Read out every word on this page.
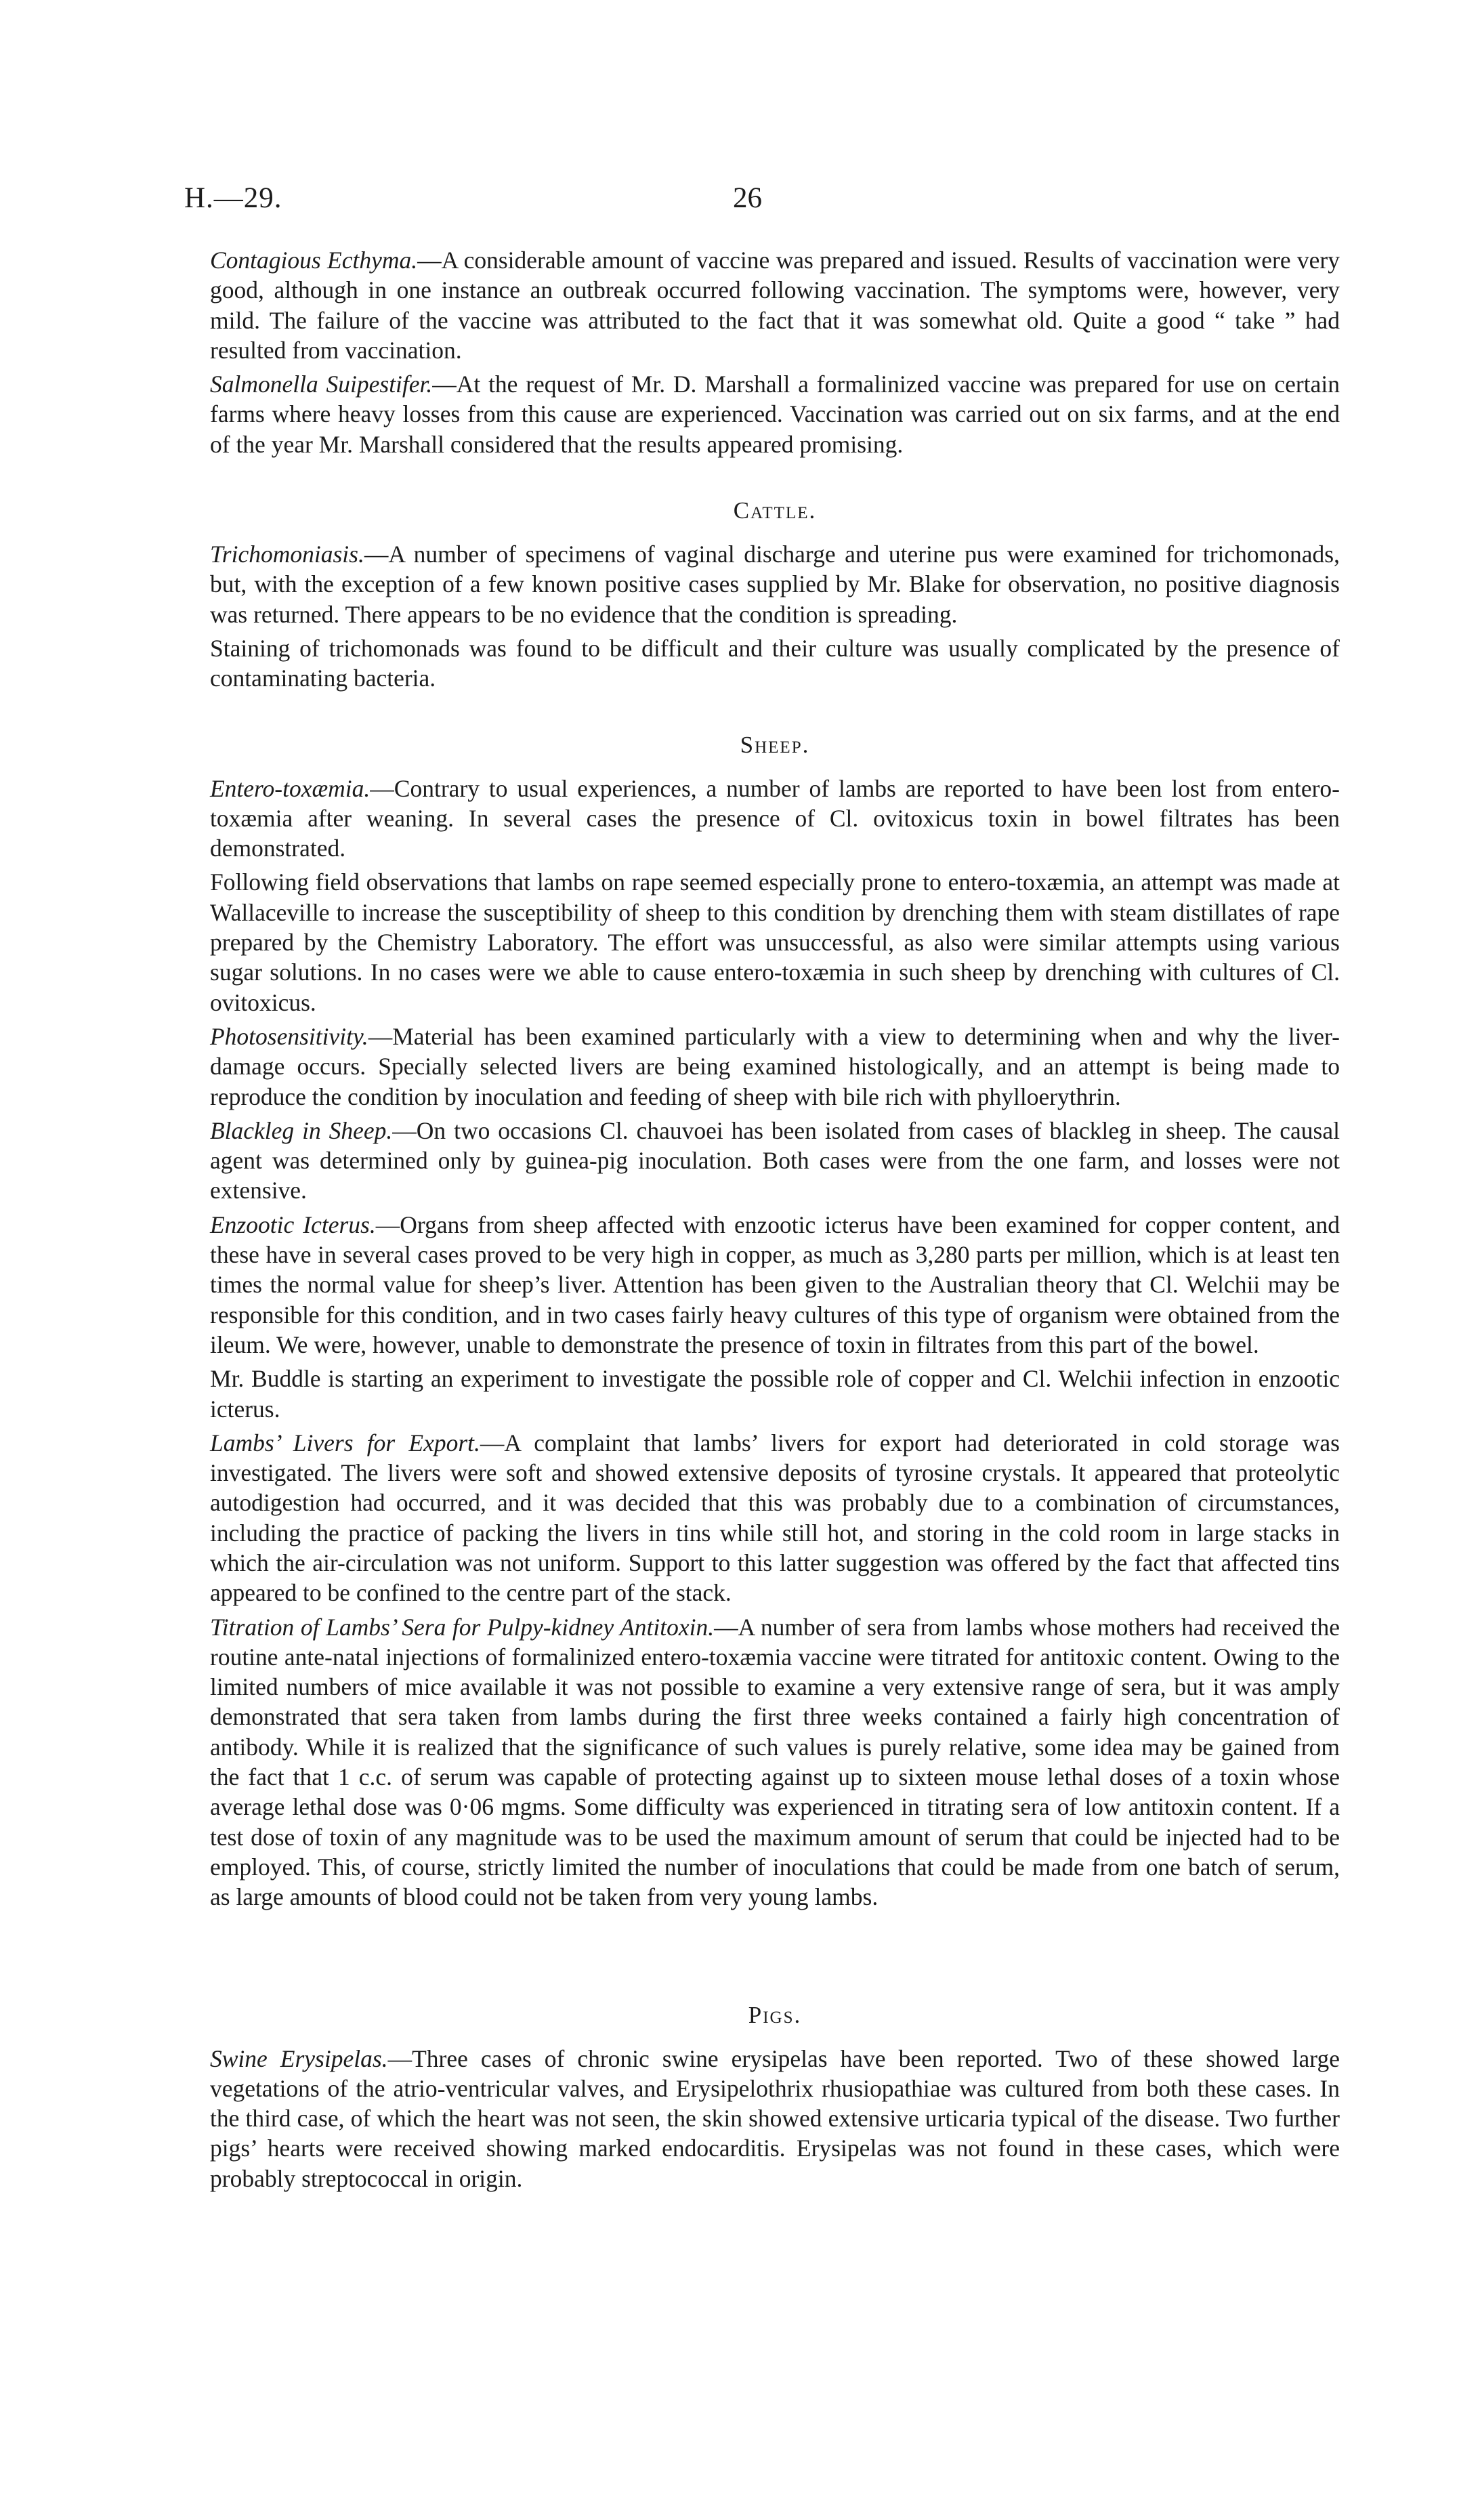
H.—29.	26

Contagious Ecthyma.—A considerable amount of vaccine was prepared and issued. Results of vaccination were very good, although in one instance an outbreak occurred following vaccination. The symptoms were, however, very mild. The failure of the vaccine was attributed to the fact that it was somewhat old. Quite a good “ take ” had resulted from vaccination.

Salmonella Suipestifer.—At the request of Mr. D. Marshall a formalinized vaccine was prepared for use on certain farms where heavy losses from this cause are experienced. Vaccination was carried out on six farms, and at the end of the year Mr. Marshall considered that the results appeared promising.

Cattle.

Trichomoniasis.—A number of specimens of vaginal discharge and uterine pus were examined for trichomonads, but, with the exception of a few known positive cases supplied by Mr. Blake for observation, no positive diagnosis was returned. There appears to be no evidence that the condition is spreading.

Staining of trichomonads was found to be difficult and their culture was usually complicated by the presence of contaminating bacteria.

Sheep.

Entero-toxæmia.—Contrary to usual experiences, a number of lambs are reported to have been lost from entero-toxæmia after weaning. In several cases the presence of Cl. ovitoxicus toxin in bowel filtrates has been demonstrated.

Following field observations that lambs on rape seemed especially prone to entero-toxæmia, an attempt was made at Wallaceville to increase the susceptibility of sheep to this condition by drenching them with steam distillates of rape prepared by the Chemistry Laboratory. The effort was unsuccessful, as also were similar attempts using various sugar solutions. In no cases were we able to cause entero-toxæmia in such sheep by drenching with cultures of Cl. ovitoxicus.

Photosensitivity.—Material has been examined particularly with a view to determining when and why the liver-damage occurs. Specially selected livers are being examined histologically, and an attempt is being made to reproduce the condition by inoculation and feeding of sheep with bile rich with phylloerythrin.

Blackleg in Sheep.—On two occasions Cl. chauvoei has been isolated from cases of blackleg in sheep. The causal agent was determined only by guinea-pig inoculation. Both cases were from the one farm, and losses were not extensive.

Enzootic Icterus.—Organs from sheep affected with enzootic icterus have been examined for copper content, and these have in several cases proved to be very high in copper, as much as 3,280 parts per million, which is at least ten times the normal value for sheep’s liver. Attention has been given to the Australian theory that Cl. Welchii may be responsible for this condition, and in two cases fairly heavy cultures of this type of organism were obtained from the ileum. We were, however, unable to demonstrate the presence of toxin in filtrates from this part of the bowel.

Mr. Buddle is starting an experiment to investigate the possible role of copper and Cl. Welchii infection in enzootic icterus.

Lambs’ Livers for Export.—A complaint that lambs’ livers for export had deteriorated in cold storage was investigated. The livers were soft and showed extensive deposits of tyrosine crystals. It appeared that proteolytic autodigestion had occurred, and it was decided that this was probably due to a combination of circumstances, including the practice of packing the livers in tins while still hot, and storing in the cold room in large stacks in which the air-circulation was not uniform. Support to this latter suggestion was offered by the fact that affected tins appeared to be confined to the centre part of the stack.

Titration of Lambs’ Sera for Pulpy-kidney Antitoxin.—A number of sera from lambs whose mothers had received the routine ante-natal injections of formalinized entero-toxæmia vaccine were titrated for antitoxic content. Owing to the limited numbers of mice available it was not possible to examine a very extensive range of sera, but it was amply demonstrated that sera taken from lambs during the first three weeks contained a fairly high concentration of antibody. While it is realized that the significance of such values is purely relative, some idea may be gained from the fact that 1 c.c. of serum was capable of protecting against up to sixteen mouse lethal doses of a toxin whose average lethal dose was 0·06 mgms. Some difficulty was experienced in titrating sera of low antitoxin content. If a test dose of toxin of any magnitude was to be used the maximum amount of serum that could be injected had to be employed. This, of course, strictly limited the number of inoculations that could be made from one batch of serum, as large amounts of blood could not be taken from very young lambs.

Pigs.

Swine Erysipelas.—Three cases of chronic swine erysipelas have been reported. Two of these showed large vegetations of the atrio-ventricular valves, and Erysipelothrix rhusiopathiae was cultured from both these cases. In the third case, of which the heart was not seen, the skin showed extensive urticaria typical of the disease. Two further pigs’ hearts were received showing marked endocarditis. Erysipelas was not found in these cases, which were probably streptococcal in origin.
